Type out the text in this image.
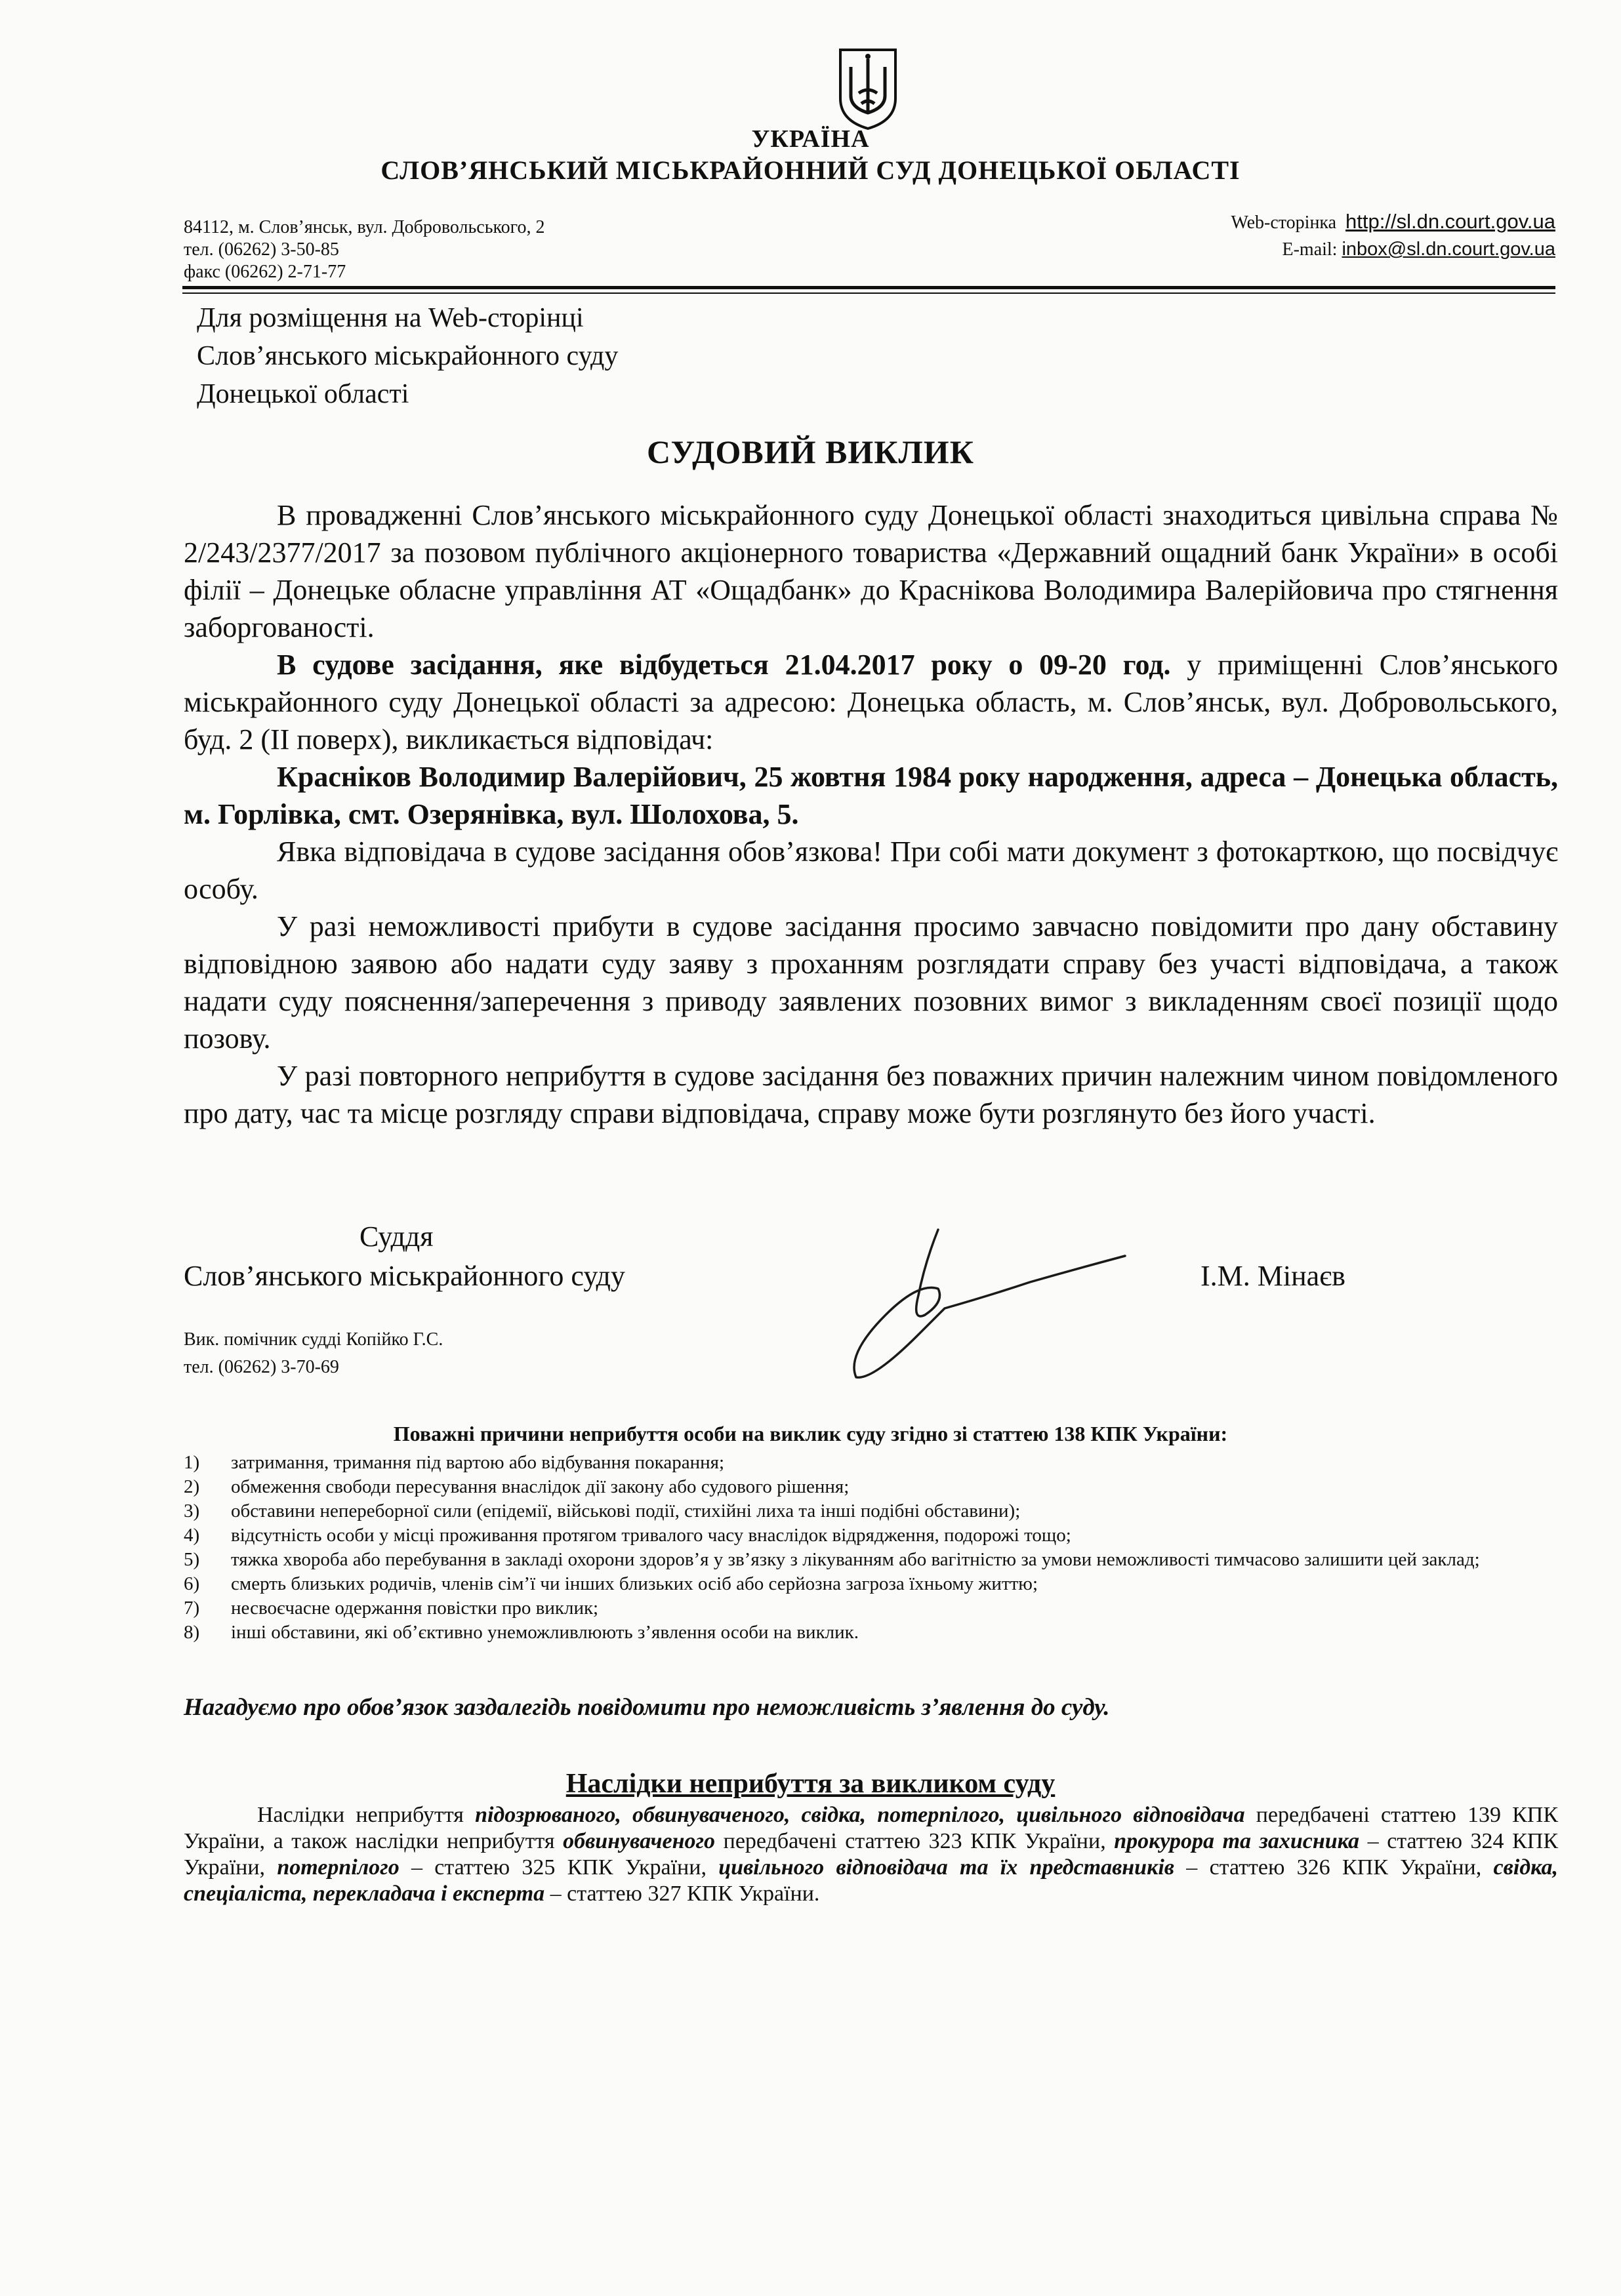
УКРАЇНА
СЛОВ’ЯНСЬКИЙ МІСЬКРАЙОННИЙ СУД ДОНЕЦЬКОЇ ОБЛАСТІ
84112, м. Слов’янськ, вул. Добровольського, 2
тел. (06262) 3-50-85
факс (06262) 2-71-77
Web-сторінка http://sl.dn.court.gov.ua
E-mail: inbox@sl.dn.court.gov.ua
Для розміщення на Web-сторінці
Слов’янського міськрайонного суду
Донецької області
СУДОВИЙ ВИКЛИК

В провадженні Слов’янського міськрайонного суду Донецької області знаходиться цивільна справа № 2/243/2377/2017 за позовом публічного акціонерного товариства «Державний ощадний банк України» в особі філії – Донецьке обласне управління АТ «Ощадбанк» до Краснікова Володимира Валерійовича про стягнення заборгованості.

В судове засідання, яке відбудеться 21.04.2017 року о 09-20 год. у приміщенні Слов’янського міськрайонного суду Донецької області за адресою: Донецька область, м. Слов’янськ, вул. Добровольського, буд. 2 (ІІ поверх), викликається відповідач:

Красніков Володимир Валерійович, 25 жовтня 1984 року народження, адреса – Донецька область, м. Горлівка, смт. Озерянівка, вул. Шолохова, 5.

Явка відповідача в судове засідання обов’язкова! При собі мати документ з фотокарткою, що посвідчує особу.

У разі неможливості прибути в судове засідання просимо завчасно повідомити про дану обставину відповідною заявою або надати суду заяву з проханням розглядати справу без участі відповідача, а також надати суду пояснення/заперечення з приводу заявлених позовних вимог з викладенням своєї позиції щодо позову.

У разі повторного неприбуття в судове засідання без поважних причин належним чином повідомленого про дату, час та місце розгляду справи відповідача, справу може бути розглянуто без його участі.

Суддя
Слов’янського міськрайонного суду	І.М. Мінаєв
Вик. помічник судді Копійко Г.С.
тел. (06262) 3-70-69
Поважні причини неприбуття особи на виклик суду згідно зі статтею 138 КПК України:
1) затримання, тримання під вартою або відбування покарання;
2) обмеження свободи пересування внаслідок дії закону або судового рішення;
3) обставини непереборної сили (епідемії, військові події, стихійні лиха та інші подібні обставини);
4) відсутність особи у місці проживання протягом тривалого часу внаслідок відрядження, подорожі тощо;
5) тяжка хвороба або перебування в закладі охорони здоров’я у зв’язку з лікуванням або вагітністю за умови неможливості тимчасово залишити цей заклад;
6) смерть близьких родичів, членів сім’ї чи інших близьких осіб або серйозна загроза їхньому життю;
7) несвоєчасне одержання повістки про виклик;
8) інші обставини, які об’єктивно унеможливлюють з’явлення особи на виклик.
Нагадуємо про обов’язок заздалегідь повідомити про неможливість з’явлення до суду.
Наслідки неприбуття за викликом суду

Наслідки неприбуття підозрюваного, обвинуваченого, свідка, потерпілого, цивільного відповідача передбачені статтею 139 КПК України, а також наслідки неприбуття обвинуваченого передбачені статтею 323 КПК України, прокурора та захисника – статтею 324 КПК України, потерпілого – статтею 325 КПК України, цивільного відповідача та їх представників – статтею 326 КПК України, свідка, спеціаліста, перекладача і експерта – статтею 327 КПК України.
